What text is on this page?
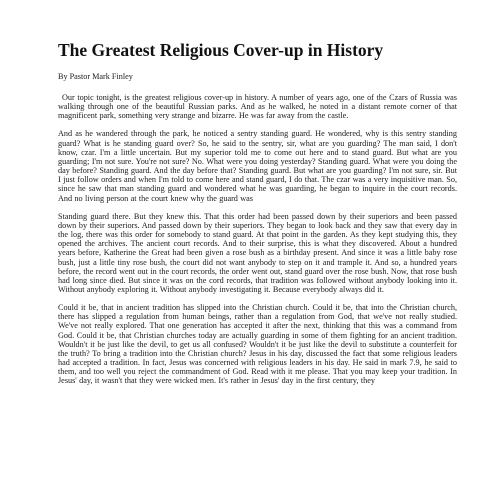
The Greatest Religious Cover-up in History
By Pastor Mark Finley

Our topic tonight, is the greatest religious cover-up in history. A number of years ago, one of the Czars of Russia was walking through one of the beautiful Russian parks. And as he walked, he noted in a distant remote corner of that magnificent park, something very strange and bizarre. He was far away from the castle.

And as he wandered through the park, he noticed a sentry standing guard. He wondered, why is this sentry standing guard? What is he standing guard over? So, he said to the sentry, sir, what are you guarding? The man said, I don't know, czar. I'm a little uncertain. But my superior told me to come out here and to stand guard. But what are you guarding; I'm not sure. You're not sure? No. What were you doing yesterday? Standing guard. What were you doing the day before? Standing guard. And the day before that? Standing guard. But what are you guarding? I'm not sure, sir. But I just follow orders and when I'm told to come here and stand guard, I do that. The czar was a very inquisitive man. So, since he saw that man standing guard and wondered what he was guarding, he began to inquire in the court records. And no living person at the court knew why the guard was

Standing guard there. But they knew this. That this order had been passed down by their superiors and been passed down by their superiors. And passed down by their superiors. They began to look back and they saw that every day in the log, there was this order for somebody to stand guard. At that point in the garden. As they kept studying this, they opened the archives. The ancient court records. And to their surprise, this is what they discovered. About a hundred years before, Katherine the Great had been given a rose bush as a birthday present. And since it was a little baby rose bush, just a little tiny rose bush, the court did not want anybody to step on it and trample it. And so, a hundred years before, the record went out in the court records, the order went out, stand guard over the rose bush. Now, that rose bush had long since died. But since it was on the cord records, that tradition was followed without anybody looking into it. Without anybody exploring it. Without anybody investigating it. Because everybody always did it.

Could it be, that in ancient tradition has slipped into the Christian church. Could it be, that into the Christian church, there has slipped a regulation from human beings, rather than a regulation from God, that we've not really studied. We've not really explored. That one generation has accepted it after the next, thinking that this was a command from God. Could it be, that Christian churches today are actually guarding in some of them fighting for an ancient tradition. Wouldn't it be just like the devil, to get us all confused? Wouldn't it be just like the devil to substitute a counterfeit for the truth? To bring a tradition into the Christian church? Jesus in his day, discussed the fact that some religious leaders had accepted a tradition. In fact, Jesus was concerned with religious leaders in his day. He said in mark 7.9, he said to them, and too well you reject the commandment of God. Read with it me please. That you may keep your tradition. In Jesus' day, it wasn't that they were wicked men. It's rather in Jesus' day in the first century, they
